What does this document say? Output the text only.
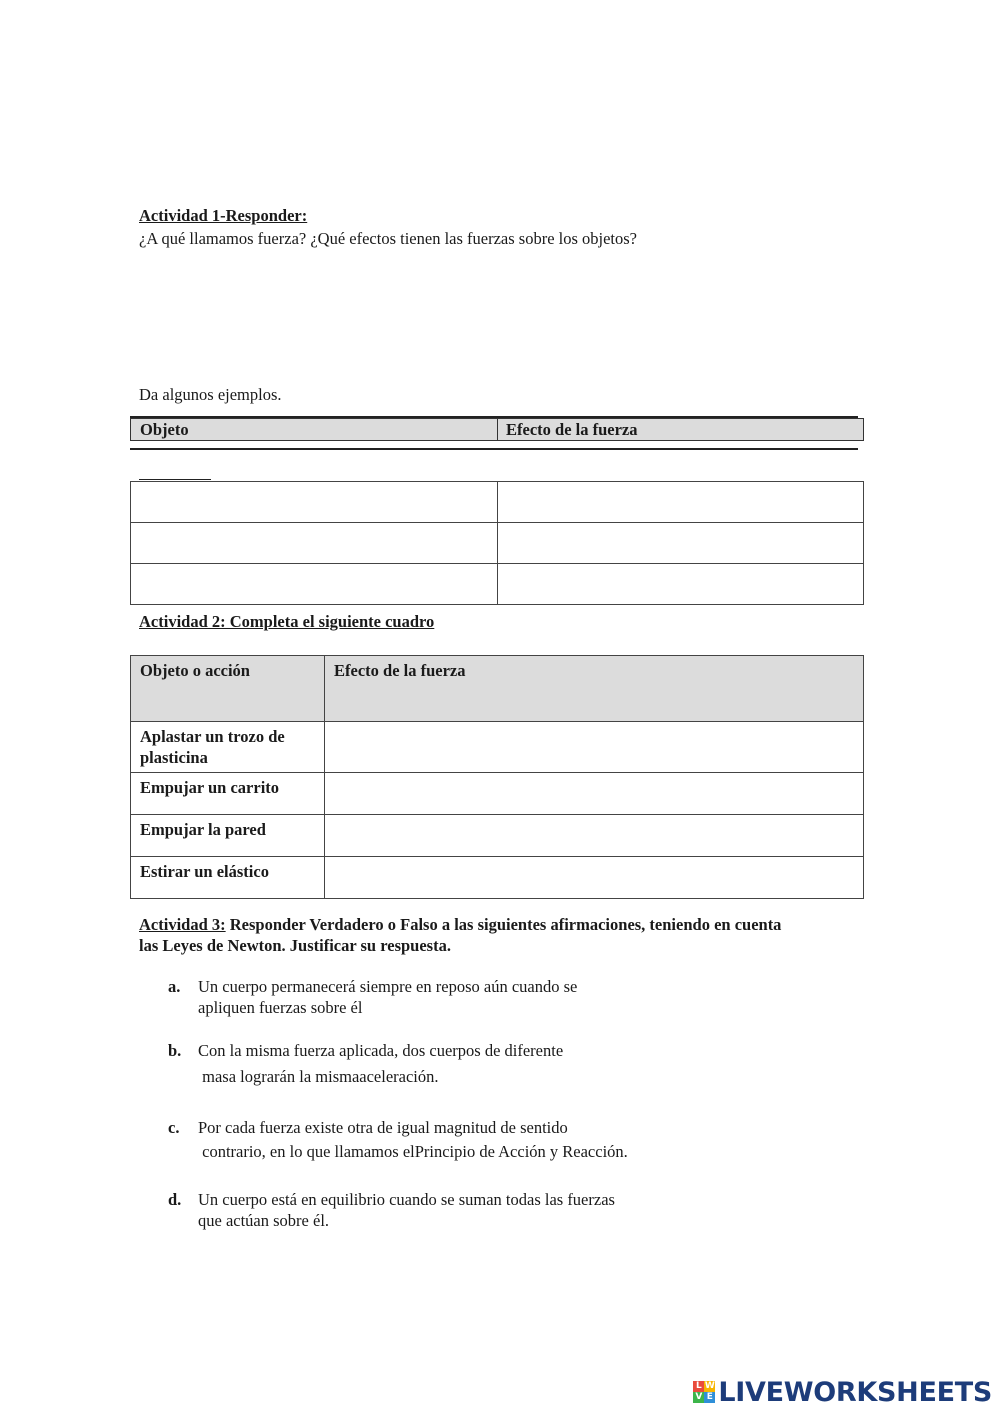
Actividad 1-Responder:
¿A qué llamamos fuerza? ¿Qué efectos tienen las fuerzas sobre los objetos?
Da algunos ejemplos.
Objeto	Efecto de la fuerza

Actividad 2: Completa el siguiente cuadro
Objeto o acción	Efecto de la fuerza
Aplastar un trozo de plasticina	
Empujar un carrito	
Empujar la pared	
Estirar un elástico	
Actividad 3: Responder Verdadero o Falso a las siguientes afirmaciones, teniendo en cuenta
las Leyes de Newton. Justificar su respuesta.
a. Un cuerpo permanecerá siempre en reposo aún cuando se
apliquen fuerzas sobre él
b. Con la misma fuerza aplicada, dos cuerpos de diferente
masa lograrán la mismaaceleración.
c. Por cada fuerza existe otra de igual magnitud de sentido
contrario, en lo que llamamos elPrincipio de Acción y Reacción.
d. Un cuerpo está en equilibrio cuando se suman todas las fuerzas
que actúan sobre él.
L W
V E LIVEWORKSHEETS
